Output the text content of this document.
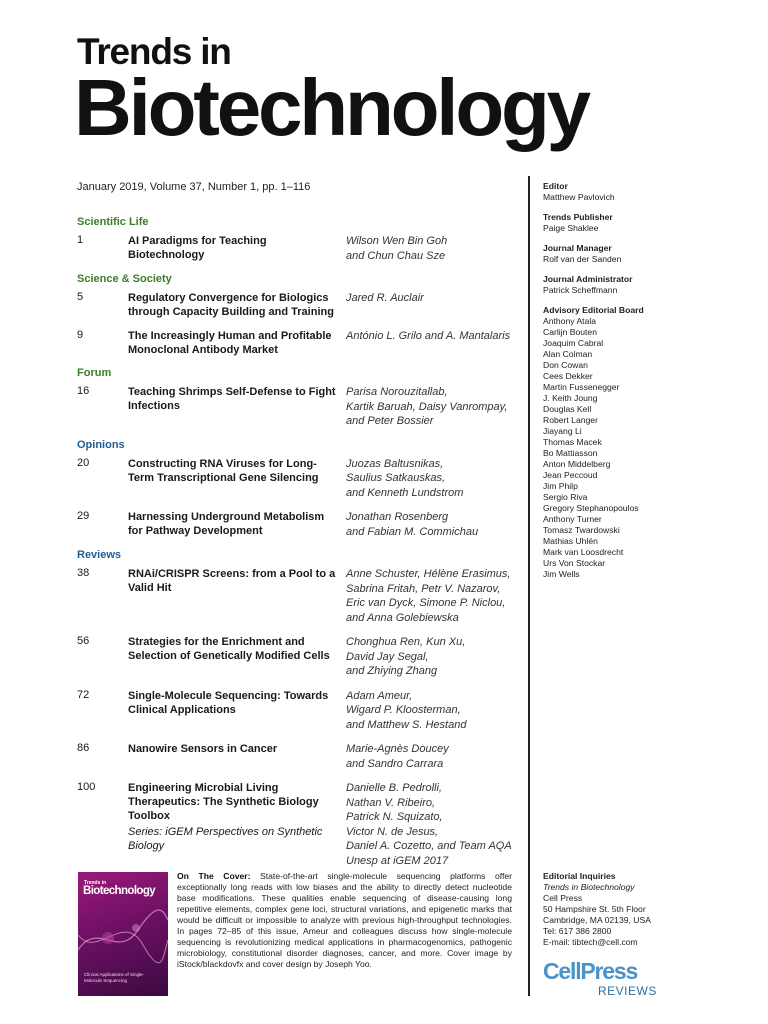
Trends in
Biotechnology
January 2019, Volume 37, Number 1, pp. 1–116
Scientific Life
1	AI Paradigms for Teaching Biotechnology
Wilson Wen Bin Goh
and Chun Chau Sze
Science & Society
5	Regulatory Convergence for Biologics through Capacity Building and Training
Jared R. Auclair
9	The Increasingly Human and Profitable Monoclonal Antibody Market
António L. Grilo and A. Mantalaris
Forum
16	Teaching Shrimps Self-Defense to Fight Infections
Parisa Norouzitallab,
Kartik Baruah, Daisy Vanrompay,
and Peter Bossier
Opinions
20	Constructing RNA Viruses for Long-Term Transcriptional Gene Silencing
Juozas Baltusnikas,
Saulius Satkauskas,
and Kenneth Lundstrom
29	Harnessing Underground Metabolism for Pathway Development
Jonathan Rosenberg
and Fabian M. Commichau
Reviews
38	RNAi/CRISPR Screens: from a Pool to a Valid Hit
Anne Schuster, Hélène Erasimus,
Sabrina Fritah, Petr V. Nazarov,
Eric van Dyck, Simone P. Niclou,
and Anna Golebiewska
56	Strategies for the Enrichment and Selection of Genetically Modified Cells
Chonghua Ren, Kun Xu,
David Jay Segal,
and Zhiying Zhang
72	Single-Molecule Sequencing: Towards Clinical Applications
Adam Ameur,
Wigard P. Kloosterman,
and Matthew S. Hestand
86	Nanowire Sensors in Cancer	Marie-Agnès Doucey
and Sandro Carrara
100	Engineering Microbial Living Therapeutics: The Synthetic Biology Toolbox
Series: iGEM Perspectives on Synthetic Biology
Danielle B. Pedrolli,
Nathan V. Ribeiro,
Patrick N. Squizato,
Victor N. de Jesus,
Daniel A. Cozetto, and Team AQA
Unesp at iGEM 2017
Editor
Matthew Pavlovich
Trends Publisher
Paige Shaklee
Journal Manager
Rolf van der Sanden
Journal Administrator
Patrick Scheffmann
Advisory Editorial Board
Anthony Atala
Carlijn Bouten
Joaquim Cabral
Alan Colman
Don Cowan
Cees Dekker
Martin Fussenegger
J. Keith Joung
Douglas Kell
Robert Langer
Jiayang Li
Thomas Macek
Bo Mattiasson
Anton Middelberg
Jean Peccoud
Jim Philp
Sergio Riva
Gregory Stephanopoulos
Anthony Turner
Tomasz Twardowski
Mathias Uhlén
Mark van Loosdrecht
Urs Von Stockar
Jim Wells
Editorial Inquiries
Trends in Biotechnology
Cell Press
50 Hampshire St. 5th Floor
Cambridge, MA 02139, USA
Tel: 617 386 2800
E-mail: tibtech@cell.com
CellPress
REVIEWS
Trends in
Biotechnology
Clinical Applications of Single-Molecule Sequencing
On The Cover: State-of-the-art single-molecule sequencing platforms offer exceptionally long reads with low biases and the ability to directly detect nucleotide base modifications. These qualities enable sequencing of disease-causing long repetitive elements, complex gene loci, structural variations, and epigenetic marks that would be difficult or impossible to analyze with previous high-throughput technologies. In pages 72–85 of this issue, Ameur and colleagues discuss how single-molecule sequencing is revolutionizing medical applications in pharmacogenomics, pathogenic microbiology, constitutional disorder diagnoses, cancer, and more. Cover image by iStock/blackdovfx and cover design by Joseph Yoo.
